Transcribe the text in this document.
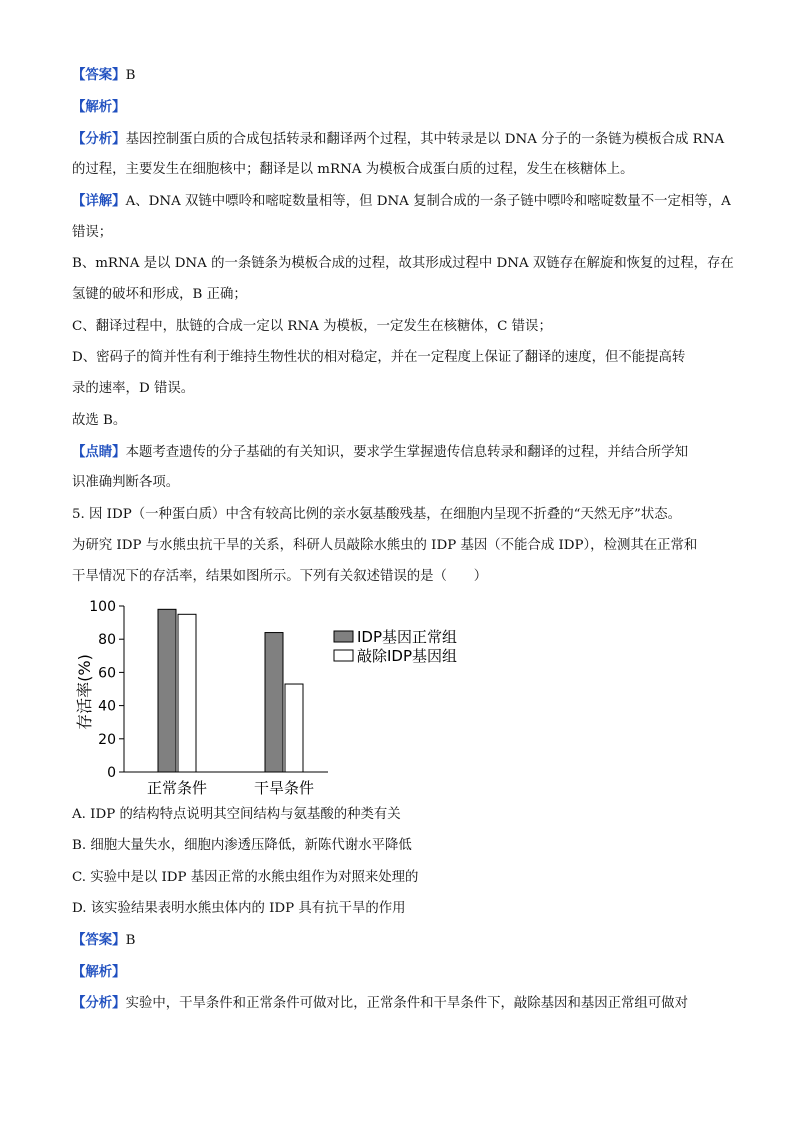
【答案】B
【解析】
【分析】基因控制蛋白质的合成包括转录和翻译两个过程，其中转录是以 DNA 分子的一条链为模板合成 RNA
的过程，主要发生在细胞核中；翻译是以 mRNA 为模板合成蛋白质的过程，发生在核糖体上。
【详解】A、DNA 双链中嘌呤和嘧啶数量相等，但 DNA 复制合成的一条子链中嘌呤和嘧啶数量不一定相等，A
错误；
B、mRNA 是以 DNA 的一条链条为模板合成的过程，故其形成过程中 DNA 双链存在解旋和恢复的过程，存在
氢键的破坏和形成，B 正确；
C、翻译过程中，肽链的合成一定以 RNA 为模板，一定发生在核糖体，C 错误；
D、密码子的简并性有利于维持生物性状的相对稳定，并在一定程度上保证了翻译的速度，但不能提高转
录的速率，D 错误。
故选 B。
【点睛】本题考查遗传的分子基础的有关知识，要求学生掌握遗传信息转录和翻译的过程，并结合所学知
识准确判断各项。
5. 因 IDP（一种蛋白质）中含有较高比例的亲水氨基酸残基，在细胞内呈现不折叠的“天然无序”状态。
为研究 IDP 与水熊虫抗干旱的关系，科研人员敲除水熊虫的 IDP 基因（不能合成 IDP），检测其在正常和
干旱情况下的存活率，结果如图所示。下列有关叙述错误的是（　　）
0
20
40
60
80
100
正常条件	干旱条件
IDP基因正常组
敲除IDP基因组
存活率(%)
A. IDP 的结构特点说明其空间结构与氨基酸的种类有关
B. 细胞大量失水，细胞内渗透压降低，新陈代谢水平降低
C. 实验中是以 IDP 基因正常的水熊虫组作为对照来处理的
D. 该实验结果表明水熊虫体内的 IDP 具有抗干旱的作用
【答案】B
【解析】
【分析】实验中，干旱条件和正常条件可做对比，正常条件和干旱条件下，敲除基因和基因正常组可做对
